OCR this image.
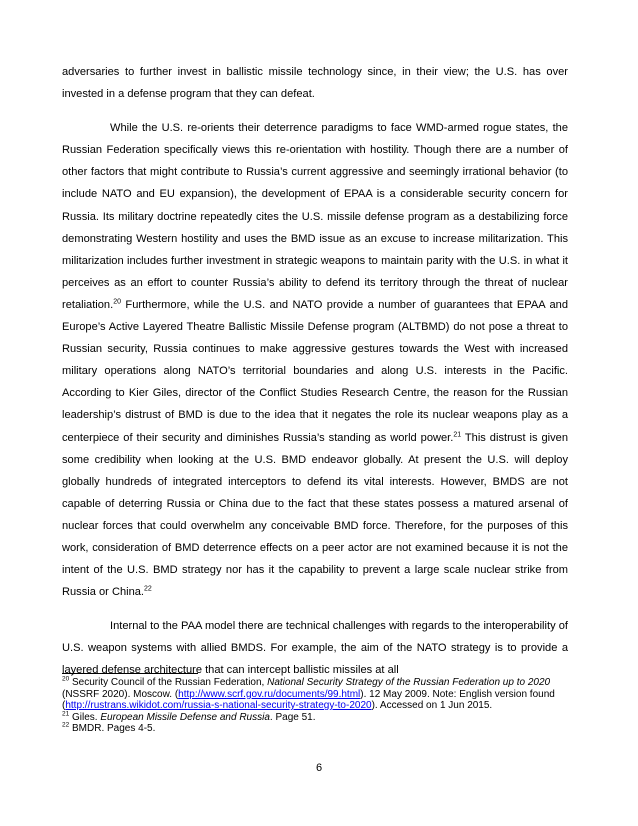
adversaries to further invest in ballistic missile technology since, in their view; the U.S. has over invested in a defense program that they can defeat.

While the U.S. re-orients their deterrence paradigms to face WMD-armed rogue states, the Russian Federation specifically views this re-orientation with hostility. Though there are a number of other factors that might contribute to Russia’s current aggressive and seemingly irrational behavior (to include NATO and EU expansion), the development of EPAA is a considerable security concern for Russia. Its military doctrine repeatedly cites the U.S. missile defense program as a destabilizing force demonstrating Western hostility and uses the BMD issue as an excuse to increase militarization. This militarization includes further investment in strategic weapons to maintain parity with the U.S. in what it perceives as an effort to counter Russia’s ability to defend its territory through the threat of nuclear retaliation.$^{20}$ Furthermore, while the U.S. and NATO provide a number of guarantees that EPAA and Europe’s Active Layered Theatre Ballistic Missile Defense program (ALTBMD) do not pose a threat to Russian security, Russia continues to make aggressive gestures towards the West with increased military operations along NATO’s territorial boundaries and along U.S. interests in the Pacific. According to Kier Giles, director of the Conflict Studies Research Centre, the reason for the Russian leadership’s distrust of BMD is due to the idea that it negates the role its nuclear weapons play as a centerpiece of their security and diminishes Russia’s standing as world power.$^{21}$ This distrust is given some credibility when looking at the U.S. BMD endeavor globally. At present the U.S. will deploy globally hundreds of integrated interceptors to defend its vital interests. However, BMDS are not capable of deterring Russia or China due to the fact that these states possess a matured arsenal of nuclear forces that could overwhelm any conceivable BMD force. Therefore, for the purposes of this work, consideration of BMD deterrence effects on a peer actor are not examined because it is not the intent of the U.S. BMD strategy nor has it the capability to prevent a large scale nuclear strike from Russia or China.$^{22}$

Internal to the PAA model there are technical challenges with regards to the interoperability of U.S. weapon systems with allied BMDS. For example, the aim of the NATO strategy is to provide a layered defense architecture that can intercept ballistic missiles at all

$^{20}$ Security Council of the Russian Federation, National Security Strategy of the Russian Federation up to 2020 (NSSRF 2020). Moscow. (http://www.scrf.gov.ru/documents/99.html). 12 May 2009. Note: English version found (http://rustrans.wikidot.com/russia-s-national-security-strategy-to-2020). Accessed on 1 Jun 2015.

$^{21}$ Giles. European Missile Defense and Russia. Page 51.

$^{22}$ BMDR. Pages 4-5.

6
